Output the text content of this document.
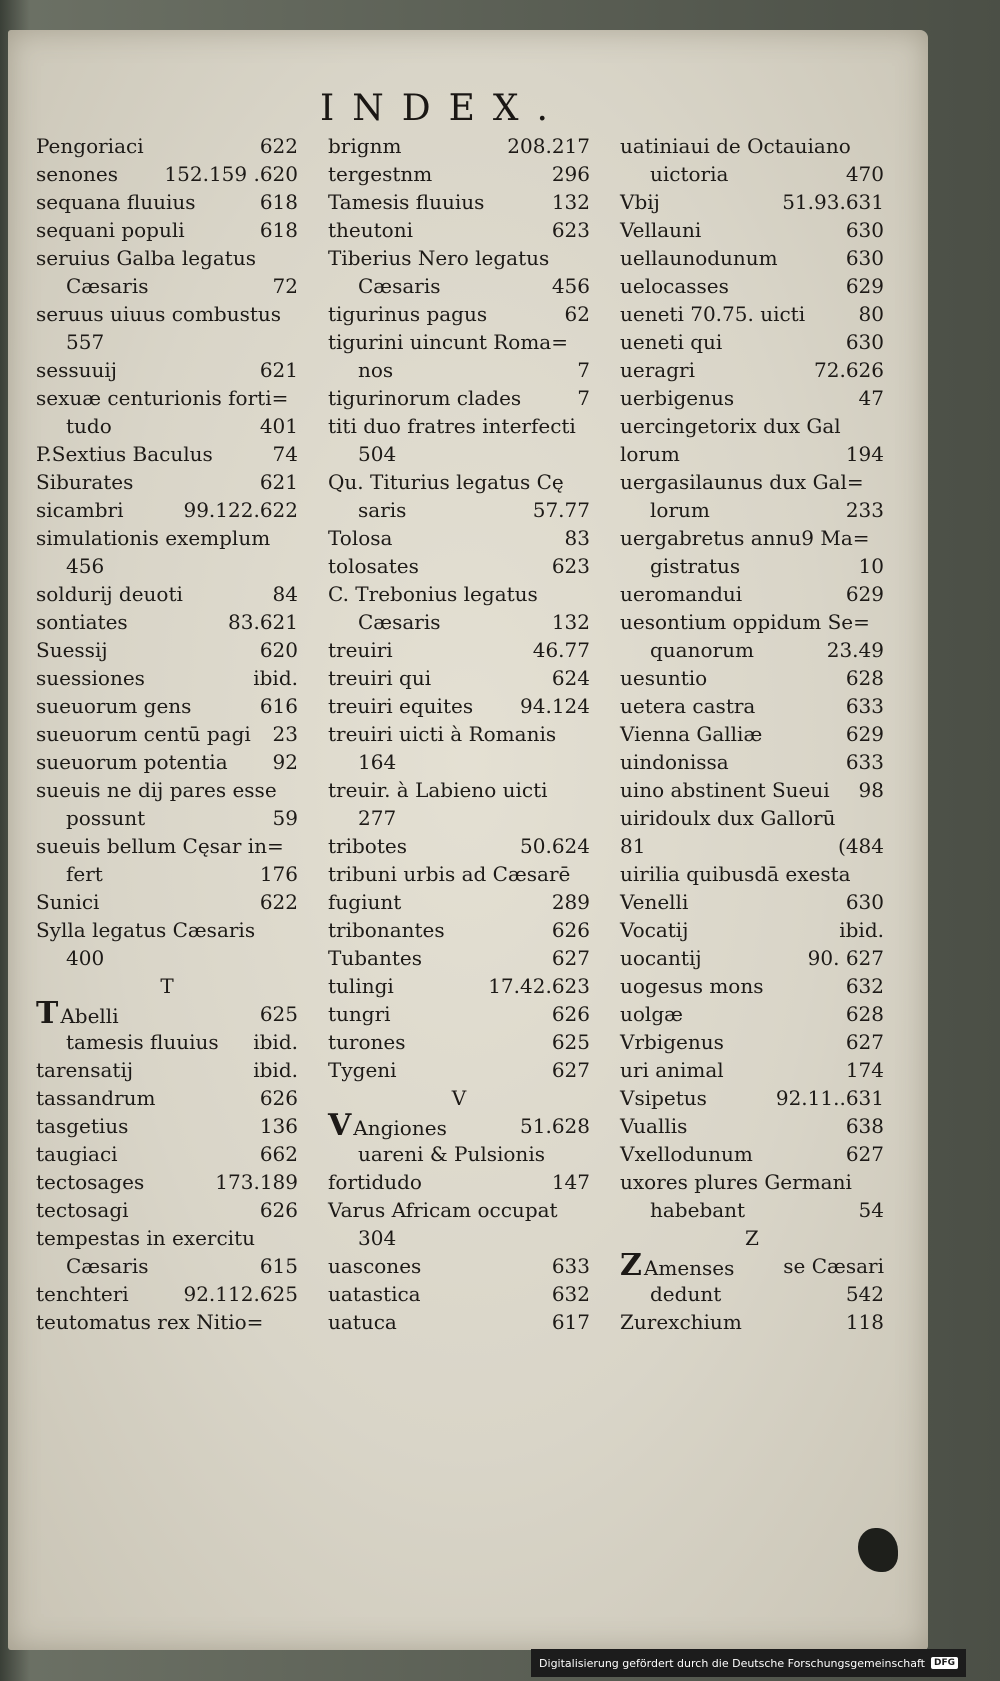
INDEX.
Pengoriaci	622
senones 152.159 .620
sequana fluuius	618
sequani populi	618
seruius Galba legatus
Cæsaris	72
seruus uiuus combustus
557
sessuuij	621
sexuæ centurionis forti=
tudo	401
P.Sextius Baculus	74
Siburates	621
sicambri	99.122.622
simulationis exemplum
456
soldurij deuoti	84
sontiates	83.621
Suessij	620
suessiones	ibid.
sueuorum gens	616
sueuorum centū pagi 23
sueuorum potentia 92
sueuis ne dij pares esse
possunt	59
sueuis bellum Cęsar in=
fert	176
Sunici	622
Sylla legatus Cæsaris
400
T
T Abelli	625
tamesis fluuius ibid.
tarensatij	ibid.
tassandrum	626
tasgetius	136
taugiaci	662
tectosages	173.189
tectosagi	626
tempestas in exercitu
Cæsaris	615
tenchteri	92.112.625
teutomatus rex Nitio=
brignm	208.217
tergestnm	296
Tamesis fluuius	132
theutoni	623
Tiberius Nero legatus
Cæsaris	456
tigurinus pagus	62
tigurini uincunt Roma=
nos	7
tigurinorum clades	7
titi duo fratres interfecti
504
Qu. Titurius legatus Cę
saris	57.77
Tolosa	83
tolosates	623
C. Trebonius legatus
Cæsaris	132
treuiri	46.77
treuiri qui	624
treuiri equites 94.124
treuiri uicti à Romanis
164
treuir. à Labieno uicti
277
tribotes	50.624
tribuni urbis ad Cæsarē
fugiunt	289
tribonantes	626
Tubantes	627
tulingi	17.42.623
tungri	626
turones	625
Tygeni	627
V
V Angiones	51.628
uareni & Pulsionis
fortidudo	147
Varus Africam occupat
304
uascones	633
uatastica	632
uatuca	617
uatiniaui de Octauiano
uictoria	470
Vbij	51.93.631
Vellauni	630
uellaunodunum	630
uelocasses	629
ueneti 70.75. uicti	80
ueneti qui	630
ueragri	72.626
uerbigenus	47
uercingetorix dux Gal
lorum	194
uergasilaunus dux Gal=
lorum	233
uergabretus annu9 Ma=
gistratus	10
ueromandui	629
uesontium oppidum Se=
quanorum	23.49
uesuntio	628
uetera castra	633
Vienna Galliæ	629
uindonissa	633
uino abstinent Sueui 98
uiridoulx dux Gallorū
81	(484
uirilia quibusdā exesta
Venelli	630
Vocatij	ibid.
uocantij	90. 627
uogesus mons	632
uolgæ	628
Vrbigenus	627
uri animal	174
Vsipetus	92.11..631
Vuallis	638
Vxellodunum	627
uxores plures Germani
habebant	54
Z
Z Amenses se Cæsari
dedunt	542
Zurexchium	118
Digitalisierung gefördert durch die Deutsche Forschungsgemeinschaft	DFG
